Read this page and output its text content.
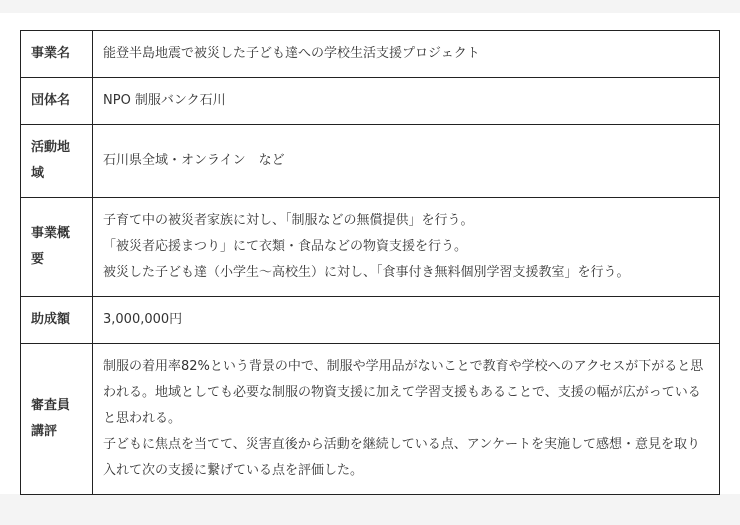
事業名	能登半島地震で被災した子ども達への学校生活支援プロジェクト

団体名	NPO 制服バンク石川

活動地域	石川県全域・オンライン　など

事業概要	子育て中の被災者家族に対し、「制服などの無償提供」を行う。
「被災者応援まつり」にて衣類・食品などの物資支援を行う。
被災した子ども達（小学生～高校生）に対し、「食事付き無料個別学習支援教室」を行う。

助成額	3,000,000円

審査員講評	制服の着用率82%という背景の中で、制服や学用品がないことで教育や学校へのアクセスが下がると思われる。地域としても必要な制服の物資支援に加えて学習支援もあることで、支援の幅が広がっていると思われる。
子どもに焦点を当てて、災害直後から活動を継続している点、アンケートを実施して感想・意見を取り入れて次の支援に繋げている点を評価した。
